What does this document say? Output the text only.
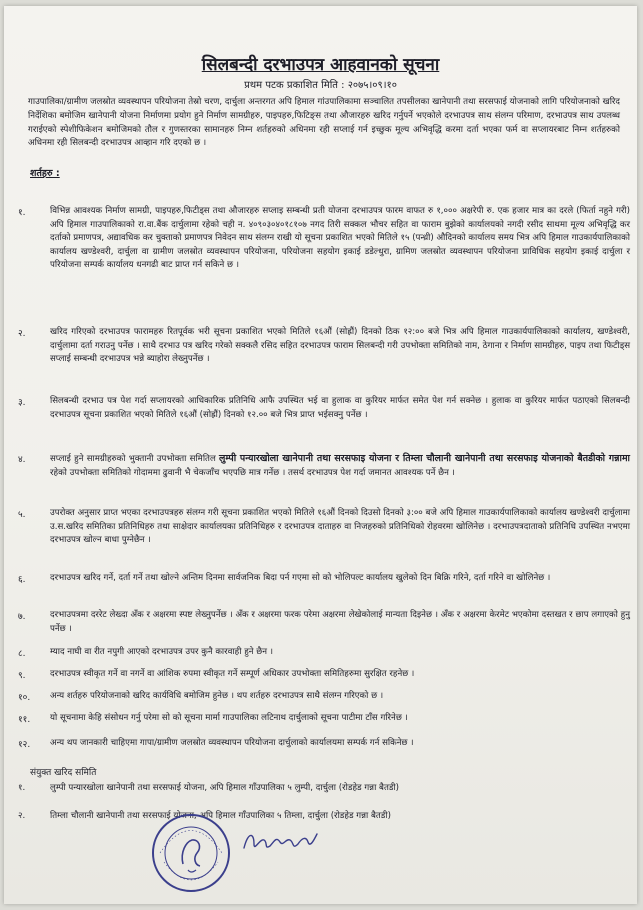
सिलबन्दी दरभाउपत्र आहवानको सूचना
प्रथम पटक प्रकाशित मिति : २०७५।०९।१०

गाउपालिका/ग्रामीण जलस्रोत व्यवस्थापन परियोजना तेस्रो चरण, दार्चुला अन्तरगत अपि हिमाल गांउपालिकामा सञ्चालित तपसीलका खानेपानी तथा सरसफाई योजनाको लागि परियोजनाको खरिद निर्देशिका बमोजिम खानेपानी योजना निर्माणमा प्रयोग हुने निर्माण सामग्रीहरु, पाइपहरु,फिटिङ्स तथा औजारहरु खरिद गर्नुपर्ने भएकोले दरभाउपत्र साथ संलग्न परिमाण, दरभाउपत्र साथ उपलब्ध गराईएको स्पेशीफिकेशन बमोजिमको तौल र गुणस्तरका सामानहरु निम्न शर्तहरुको अधिनमा रही सप्लाई गर्न इच्छुक मूल्य अभिवृद्धि करमा दर्ता भएका फर्म वा सप्लायरबाट निम्न शर्तहरुको अधिनमा रही सिलबन्दी दरभाउपत्र आव्हान गरि दएको छ ।

शर्तहरु :
१.	विभिन्न आवश्यक निर्माण सामग्री, पाइपहरु,फिटीड्स तथा औजारहरु सप्लाइ सम्बन्धी प्रती योजना दरभाउपत्र फारम वाफत रु १,००० अक्षरेपी रु. एक हजार मात्र का दरले (फिर्ता नहुने गरी) अपि हिमाल गाउपालिकाको रा.वा.बैंक दार्चुलामा रहेको चही न. ४०९०३०४०१८१०७ नगद तिरी सक्कल भौचर सहित वा फाराम बुझेको कार्यालयको नगदी रसीद साथमा मूल्य अभिवृद्धि कर दर्ताको प्रमाणपत्र, अद्यावधिक कर चुक्ताको प्रमाणपत्र निवेदन साथ संलग्न राखी यो सूचना प्रकाशित भएको मितिले १५ (पन्ध्री) औदिनको कार्यालय समय भित्र अपि हिमाल गाउकार्यपालिकाको कार्यालय खण्डेश्वरी, दार्चुला वा ग्रामीण जलस्रोत व्यवस्थापन परियोजना, परियोजना सहयोग इकाई डडेल्धुरा, ग्रामिण जलस्रोत व्यवस्थापन परियोजना प्राविधिक सहयोग इकाई दार्चुला र परियोजना सम्पर्क कार्यालय धनगढी बाट प्राप्त गर्न सकिने छ ।

२.	खरिद गरिएको दरभाउपत्र फारामहरु रितपूर्वक भरी सूचना प्रकाशित भएको मितिले १६औं (सोह्रौं) दिनको ठिक १२:०० बजे भित्र अपि हिमाल गाउकार्यपालिकाको कार्यालय, खण्डेश्वरी, दार्चुलामा दर्ता गराउनु पर्नेछ । साथै दरभाउ पत्र खरिद गरेको सक्कलै रसिद सहित दरभाउपत्र फाराम सिलबन्दी गरी उपभोक्ता समितिको नाम, ठेगाना र निर्माण सामग्रीहरु, पाइप तथा फिटीड्स सप्लाई सम्बन्धी दरभाउपत्र भन्ने ब्याहोरा लेख्नुपर्नेछ ।

३.	सिलबन्धी दरभाउ पत्र पेश गर्दा सप्लायरको आधिकारिक प्रतिनिधि आफै उपस्थित भई वा हुलाक वा कुरियर मार्फत समेत पेश गर्न सक्नेछ । हुलाक वा कुरियर मार्फत पठाएको सिलबन्दी दरभाउपत्र सूचना प्रकाशित भएको मितिले १६औं (सोह्रौं) दिनको १२.०० बजे भित्र प्राप्त भईसक्नु पर्नेछ ।

४.	सप्लाई हुने सामग्रीहरुको भुक्तानी उपभोक्ता समितिल लुम्पी पन्यारखोला खानेपानी तथा सरसफाइ योजना र तिम्ला चौलानी खानेपानी तथा सरसफाइ योजनाको बैतडीको गन्नामा रहेको उपभोक्ता समितिको गोदाममा ढुवानी भै चेकजाँच भएपछि मात्र गर्नेछ । तसर्थ दरभाउपत्र पेश गर्दा जमानत आवश्यक पर्ने छैन ।

५.	उपरोक्त अनुसार प्राप्त भएका दरभाउपत्रहरु संलग्न गरी सूचना प्रकाशित भएको मितिले १६औं दिनको दिउसो दिनको ३:०० बजे अपि हिमाल गाउकार्यपालिकाको कार्यालय खण्डेश्वरी दार्चुलामा उ.स.खरिद समितिका प्रतिनिधिहरु तथा साक्षेदार कार्यालयका प्रतिनिधिहरु र दरभाउपत्र दाताहरु वा निजहरुको प्रतिनिधिको रोहवरमा खोलिनेछ । दरभाउपत्रदाताको प्रतिनिधि उपस्थित नभएमा दरभाउपत्र खोल्न बाधा पुग्नेछैन ।

६.	दरभाउपत्र खरिद गर्ने, दर्ता गर्ने तथा खोल्ने अन्तिम दिनमा सार्वजनिक बिदा पर्न गएमा सो को भोलिपल्ट कार्यालय खुलेको दिन बिक्रि गरिने, दर्ता गरिने वा खोलिनेछ ।

७.	दरभाउपत्रमा दररेट लेख्दा अँक र अक्षरमा स्पष्ट लेख्नुपर्नेछ । अँक र अक्षरमा फरक परेमा अक्षरमा लेखेकोलाई मान्यता दिइनेछ । अँक र अक्षरमा केरमेट भएकोमा दस्तखत र छाप लगाएको हुनु पर्नेछ ।

८.	म्याद नाघी वा रीत नपुगी आएको दरभाउपत्र उपर कुनै कारवाही हुने छैन ।

९.	दरभाउपत्र स्वीकृत गर्ने वा नगर्ने वा आंशिक रुपमा स्वीकृत गर्ने सम्पूर्ण अधिकार उपभोक्ता समितिहरुमा सुरक्षित रहनेछ ।

१०.	अन्य शर्तहरु परियोजनाको खरिद कार्यविधि बमोजिम हुनेछ । थप शर्तहरु दरभाउपत्र साथै संलग्न गरिएको छ ।

११.	यो सूचनामा केहि संसोधन गर्नु परेमा सो को सूचना मार्मा गाउपालिका लटिनाथ दार्चुलाको सूचना पाटीमा टाँस गरिनेछ ।

१२.	अन्य थप जानकारी चाहिएमा गापा/ग्रामीण जलस्रोत व्यवस्थापन परियोजना दार्चुलाको कार्यालयमा सम्पर्क गर्न सकिनेछ ।

संयुक्त खरिद समिति
१.	लुम्पी पन्यारखोला खानेपानी तथा सरसफाई योजना, अपि हिमाल गाँउपालिका ५ लुम्पी, दार्चुला (रोडहेड गन्ना बैतडी)
२.	तिम्ला चौलानी खानेपानी तथा सरसफाई योजना, अपि हिमाल गाँउपालिका ५ तिम्ला, दार्चुला (रोडहेड गन्ना बैतडी)
